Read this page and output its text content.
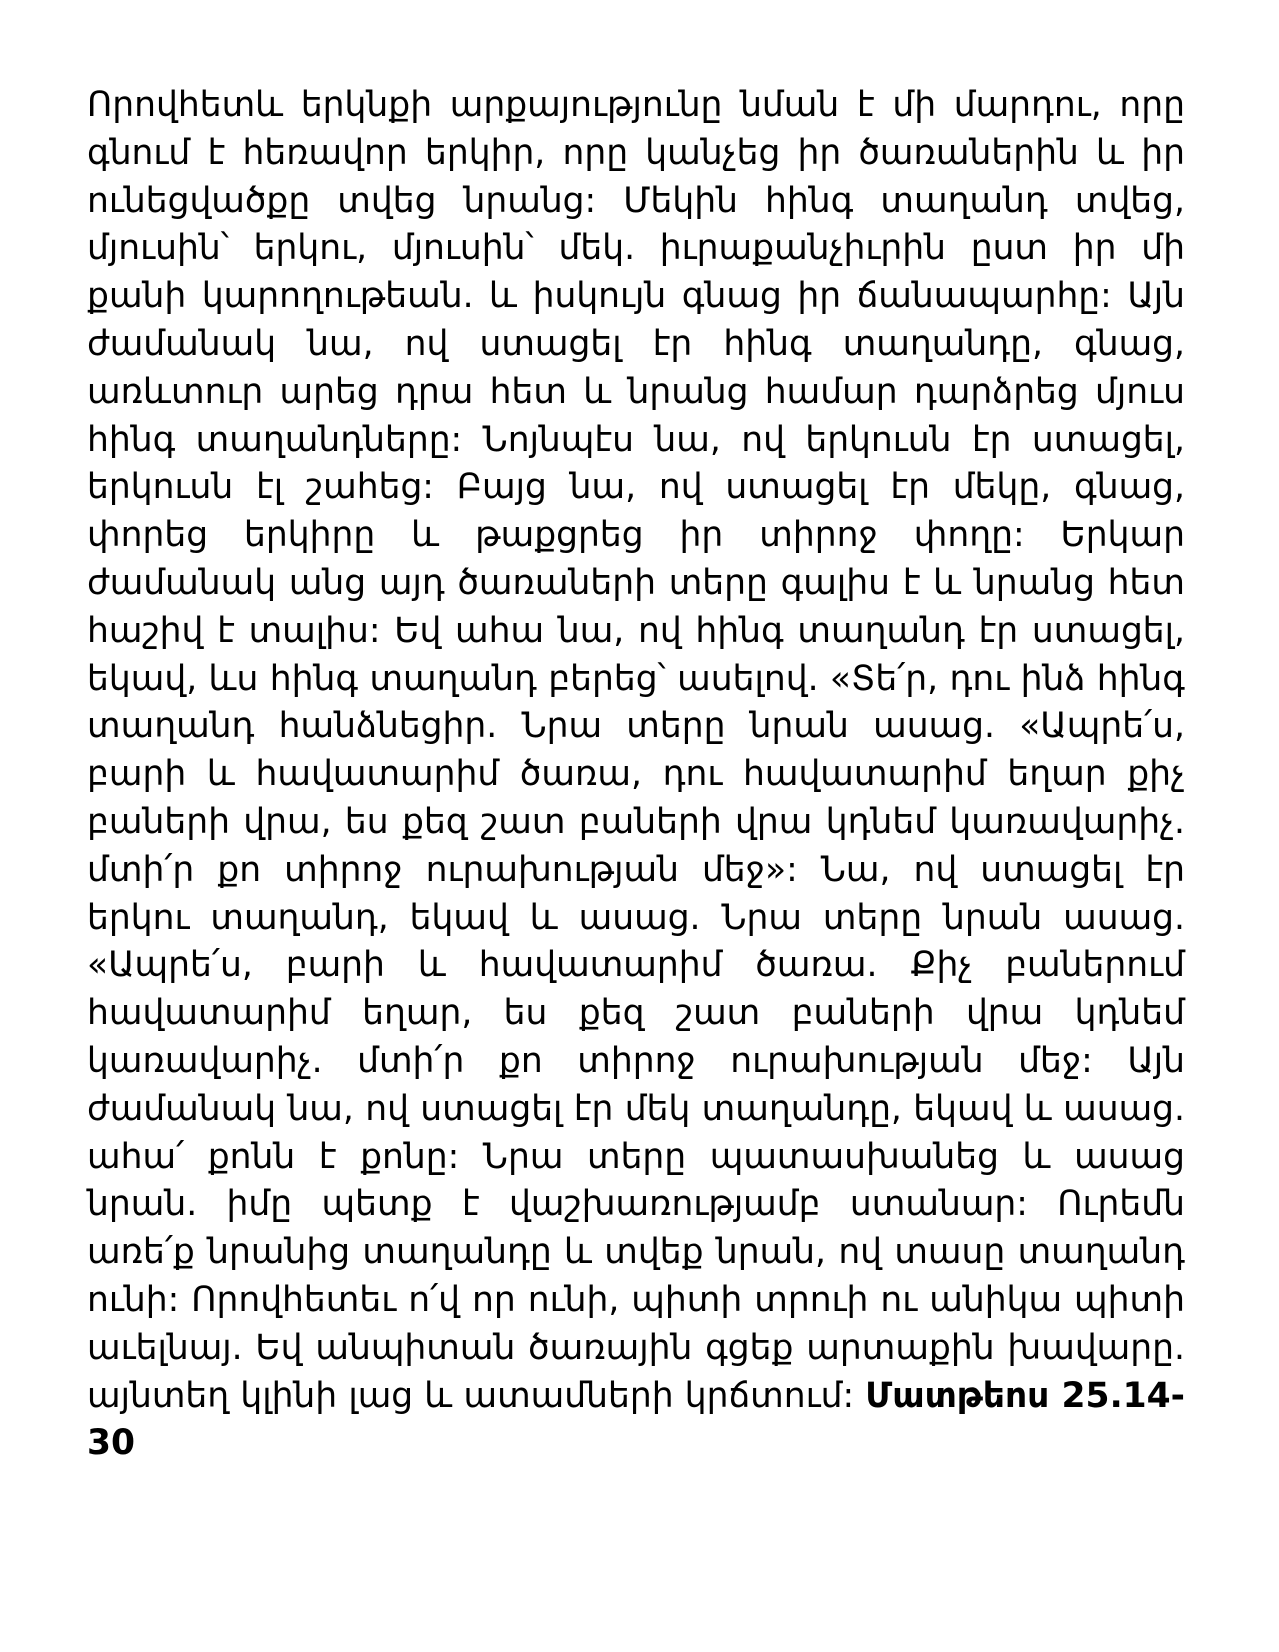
Որովհետև երկնքի արքայությունը նման է մի մարդու, որը գնում է հեռավոր երկիր, որը կանչեց իր ծառաներին և իր ունեցվածքը տվեց նրանց: Մեկին հինգ տաղանդ տվեց, մյուսին՝ երկու, մյուսին՝ մեկ. իւրաքանչիւրին ըստ իր մի քանի կարողութեան. և իսկույն գնաց իր ճանապարհը: Այն ժամանակ նա, ով ստացել էր հինգ տաղանդը, գնաց, առևտուր արեց դրա հետ և նրանց համար դարձրեց մյուս հինգ տաղանդները: Նոյնպէս նա, ով երկուսն էր ստացել, երկուսն էլ շահեց: Բայց նա, ով ստացել էր մեկը, գնաց, փորեց երկիրը և թաքցրեց իր տիրոջ փողը: Երկար ժամանակ անց այդ ծառաների տերը գալիս է և նրանց հետ հաշիվ է տալիս: Եվ ահա նա, ով հինգ տաղանդ էր ստացել, եկավ, ևս հինգ տաղանդ բերեց՝ ասելով. «Տե՛ր, դու ինձ հինգ տաղանդ հանձնեցիր. Նրա տերը նրան ասաց. «Ապրե՛ս, բարի և հավատարիմ ծառա, դու հավատարիմ եղար քիչ բաների վրա, ես քեզ շատ բաների վրա կդնեմ կառավարիչ. մտի՛ր քո տիրոջ ուրախության մեջ»: Նա, ով ստացել էր երկու տաղանդ, եկավ և ասաց. Նրա տերը նրան ասաց. «Ապրե՛ս, բարի և հավատարիմ ծառա. Քիչ բաներում հավատարիմ եղար, ես քեզ շատ բաների վրա կդնեմ կառավարիչ. մտի՛ր քո տիրոջ ուրախության մեջ: Այն ժամանակ նա, ով ստացել էր մեկ տաղանդը, եկավ և ասաց. ահա՛ քոնն է քոնը: Նրա տերը պատասխանեց և ասաց նրան. իմը պետք է վաշխառությամբ ստանար: Ուրեմն առե՛ք նրանից տաղանդը և տվեք նրան, ով տասը տաղանդ ունի: Որովհետեւ ո՛վ որ ունի, պիտի տրուի ու անիկա պիտի աւելնայ. Եվ անպիտան ծառային գցեք արտաքին խավարը. այնտեղ կլինի լաց և ատամների կրճտում: Մատթեոս 25.14-30
